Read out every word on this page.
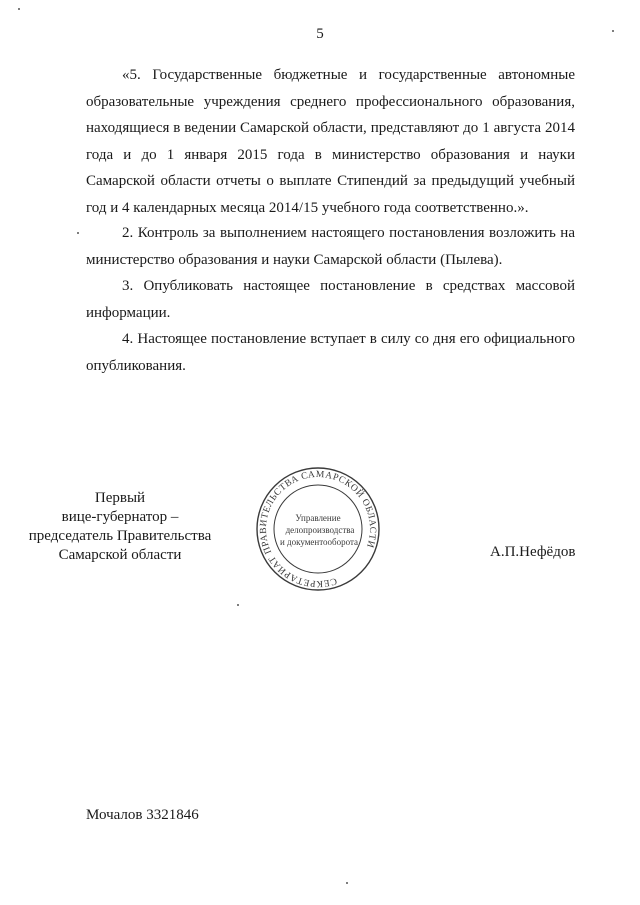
5

«5. Государственные бюджетные и государственные автономные образовательные учреждения среднего профессионального образования, находящиеся в ведении Самарской области, представляют до 1 августа 2014 года и до 1 января 2015 года в министерство образования и науки Самарской области отчеты о выплате Стипендий за предыдущий учебный год и 4 календарных месяца 2014/15 учебного года соответственно.».

2. Контроль за выполнением настоящего постановления возложить на министерство образования и науки Самарской области (Пылева).

3. Опубликовать настоящее постановление в средствах массовой информации.

4. Настоящее постановление вступает в силу со дня его официального опубликования.

Первый
вице-губернатор –
председатель Правительства
Самарской области
СЕКРЕТАРИАТ ПРАВИТЕЛЬСТВА САМАРСКОЙ ОБЛАСТИ
Управление
делопроизводства
и документооборота
А.П.Нефёдов
Мочалов 3321846
